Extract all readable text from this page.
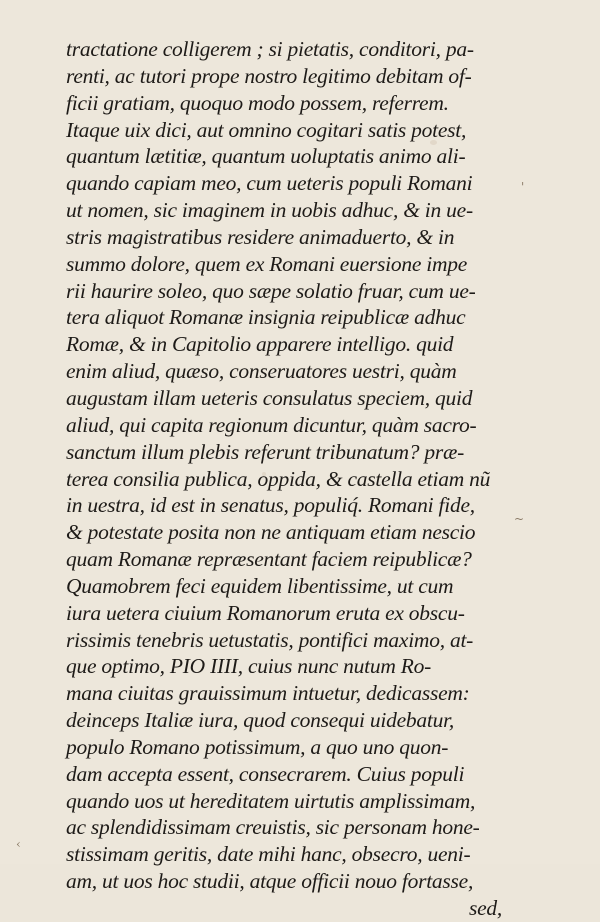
'
~
‹
tractatione colligerem ; si pietatis, conditori, pa-
renti, ac tutori prope nostro legitimo debitam of-
ficii gratiam, quoquo modo possem, referrem.
Itaque uix dici, aut omnino cogitari satis potest,
quantum lætitiæ, quantum uoluptatis animo ali-
quando capiam meo, cum ueteris populi Romani
ut nomen, sic imaginem in uobis adhuc, & in ue-
stris magistratibus residere animaduerto, & in
summo dolore, quem ex Romani euersione impe
rii haurire soleo, quo sæpe solatio fruar, cum ue-
tera aliquot Romanæ insignia reipublicæ adhuc
Romæ, & in Capitolio apparere intelligo. quid
enim aliud, quæso, conseruatores uestri, quàm
augustam illam ueteris consulatus speciem, quid
aliud, qui capita regionum dicuntur, quàm sacro-
sanctum illum plebis referunt tribunatum? præ-
terea consilia publica, oppida, & castella etiam nũ
in uestra, id est in senatus, populiq́. Romani fide,
& potestate posita non ne antiquam etiam nescio
quam Romanæ repræsentant faciem reipublicæ?
Quamobrem feci equidem libentissime, ut cum
iura uetera ciuium Romanorum eruta ex obscu-
rissimis tenebris uetustatis, pontifici maximo, at-
que optimo, PIO IIII, cuius nunc nutum Ro-
mana ciuitas grauissimum intuetur, dedicassem:
deinceps Italiæ iura, quod consequi uidebatur,
populo Romano potissimum, a quo uno quon-
dam accepta essent, consecrarem. Cuius populi
quando uos ut hereditatem uirtutis amplissimam,
ac splendidissimam creuistis, sic personam hone-
stissimam geritis, date mihi hanc, obsecro, ueni-
am, ut uos hoc studii, atque officii nouo fortasse,
sed,
